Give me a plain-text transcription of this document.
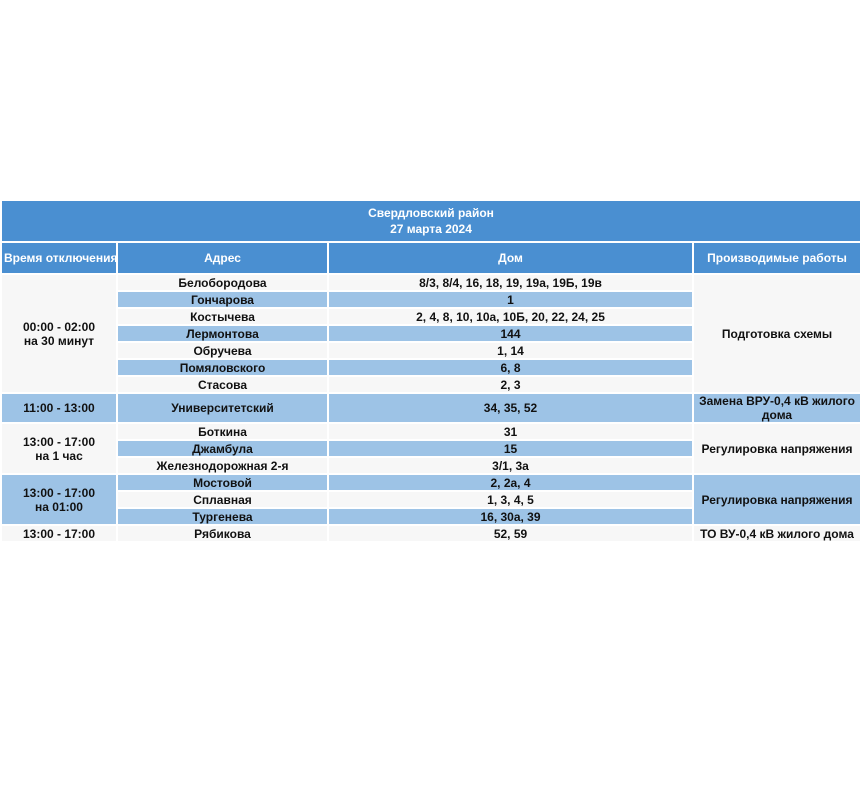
Свердловский район
27 марта 2024			

Время отключения	Адрес	Дом	Производимые работы

00:00 - 02:00
на 30 минут	Белобородова	8/3, 8/4, 16, 18, 19, 19а, 19Б, 19в	Подготовка схемы
	Гончарова	1	
	Костычева	2, 4, 8, 10, 10а, 10Б, 20, 22, 24, 25	
	Лермонтова	144	
	Обручева	1, 14	
	Помяловского	6, 8	
	Стасова	2, 3	

11:00 - 13:00	Университетский	34, 35, 52	Замена ВРУ-0,4 кВ жилого дома

13:00 - 17:00
на 1 час	Боткина	31	Регулировка напряжения
	Джамбула	15	
	Железнодорожная 2-я	3/1, 3а	

13:00 - 17:00
на 01:00	Мостовой	2, 2а, 4	Регулировка напряжения
	Сплавная	1, 3, 4, 5	
	Тургенева	16, 30а, 39	

13:00 - 17:00	Рябикова	52, 59	ТО ВУ-0,4 кВ жилого дома
